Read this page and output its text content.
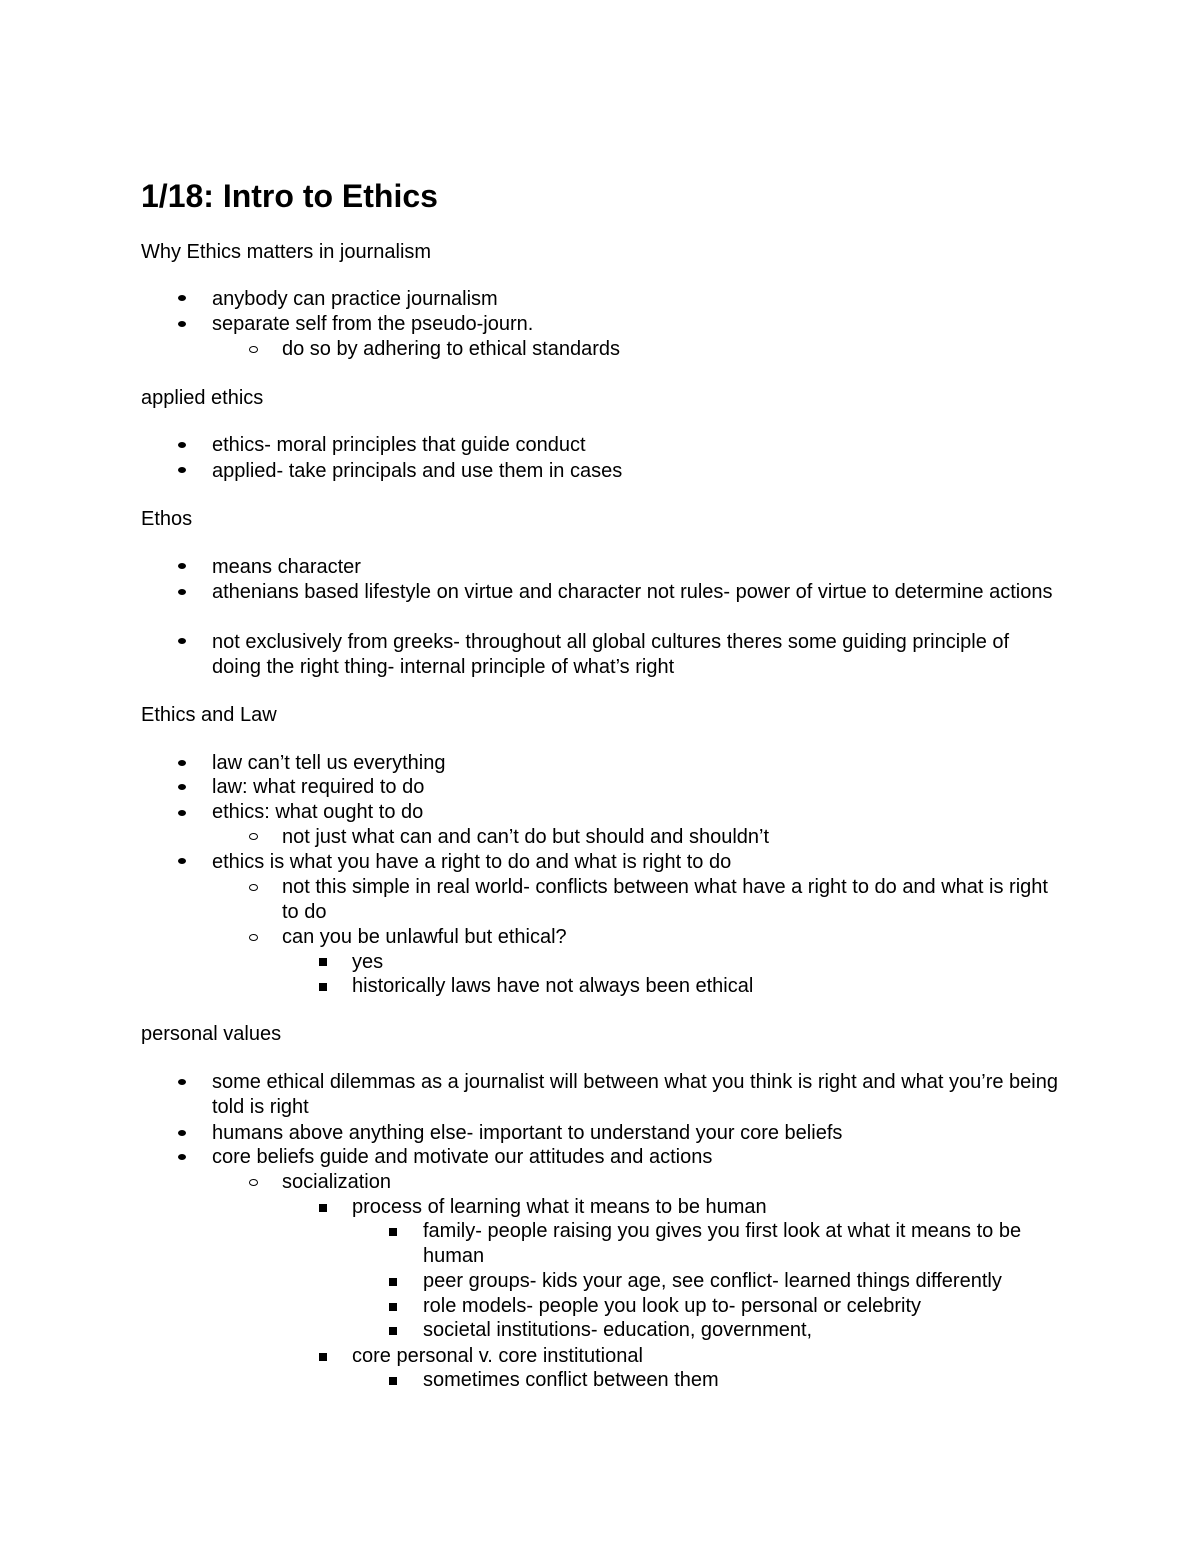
1/18: Intro to Ethics

Why Ethics matters in journalism

anybody can practice journalism

separate self from the pseudo-journ.

do so by adhering to ethical standards

applied ethics

ethics- moral principles that guide conduct

applied- take principals and use them in cases

Ethos

means character

athenians based lifestyle on virtue and character not rules- power of virtue to determine actions

not exclusively from greeks- throughout all global cultures theres some guiding principle of doing the right thing- internal principle of what’s right

Ethics and Law

law can’t tell us everything

law: what required to do

ethics: what ought to do

not just what can and can’t do but should and shouldn’t

ethics is what you have a right to do and what is right to do

not this simple in real world- conflicts between what have a right to do and what is right to do

can you be unlawful but ethical?

yes

historically laws have not always been ethical

personal values

some ethical dilemmas as a journalist will between what you think is right and what you’re being told is right

humans above anything else- important to understand your core beliefs

core beliefs guide and motivate our attitudes and actions

socialization

process of learning what it means to be human

family- people raising you gives you first look at what it means to be human

peer groups- kids your age, see conflict- learned things differently

role models- people you look up to- personal or celebrity

societal institutions- education, government,

core personal v. core institutional

sometimes conflict between them
